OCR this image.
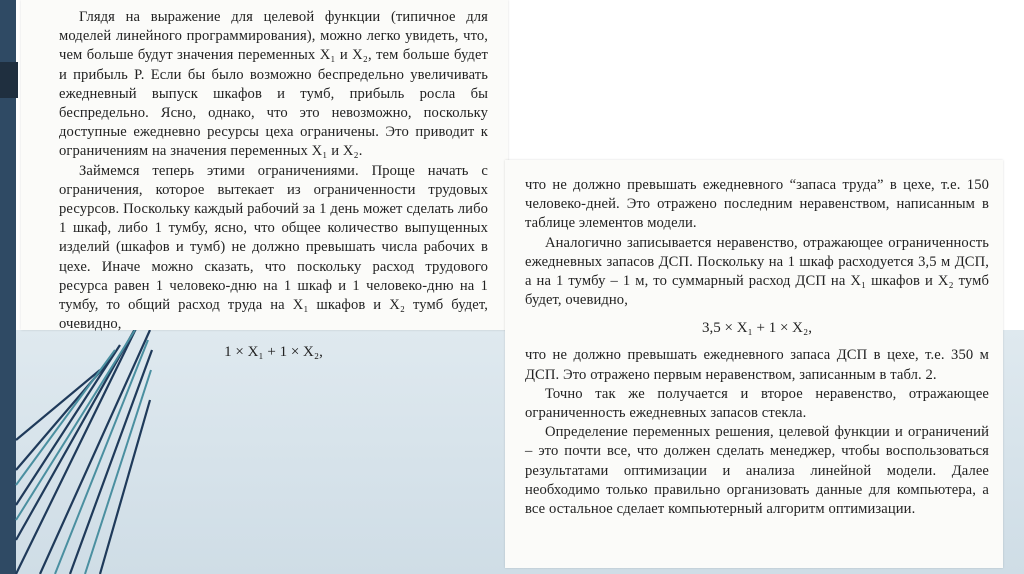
Глядя на выражение для целевой функции (типичное для моделей линейного программирования), можно легко увидеть, что, чем больше будут значения переменных X₁ и X₂, тем больше будет и прибыль P. Если бы было возможно беспредельно увеличивать ежедневный выпуск шкафов и тумб, прибыль росла бы беспредельно. Ясно, однако, что это невозможно, поскольку доступные ежедневно ресурсы цеха ограничены. Это приводит к ограничениям на значения переменных X₁ и X₂.

Займемся теперь этими ограничениями. Проще начать с ограничения, которое вытекает из ограниченности трудовых ресурсов. Поскольку каждый рабочий за 1 день может сделать либо 1 шкаф, либо 1 тумбу, ясно, что общее количество выпущенных изделий (шкафов и тумб) не должно превышать числа рабочих в цехе. Иначе можно сказать, что поскольку расход трудового ресурса равен 1 человеко-дню на 1 шкаф и 1 человеко-дню на 1 тумбу, то общий расход труда на X₁ шкафов и X₂ тумб будет, очевидно,

1 × X₁ + 1 × X₂,

что не должно превышать ежедневного “запаса труда” в цехе, т.е. 150 человеко-дней. Это отражено последним неравенством, написанным в таблице элементов модели.

Аналогично записывается неравенство, отражающее ограниченность ежедневных запасов ДСП. Поскольку на 1 шкаф расходуется 3,5 м ДСП, а на 1 тумбу – 1 м, то суммарный расход ДСП на X₁ шкафов и X₂ тумб будет, очевидно,

3,5 × X₁ + 1 × X₂,

что не должно превышать ежедневного запаса ДСП в цехе, т.е. 350 м ДСП. Это отражено первым неравенством, записанным в табл. 2.

Точно так же получается и второе неравенство, отражающее ограниченность ежедневных запасов стекла.

Определение переменных решения, целевой функции и ограничений – это почти все, что должен сделать менеджер, чтобы воспользоваться результатами оптимизации и анализа линейной модели. Далее необходимо только правильно организовать данные для компьютера, а все остальное сделает компьютерный алгоритм оптимизации.
